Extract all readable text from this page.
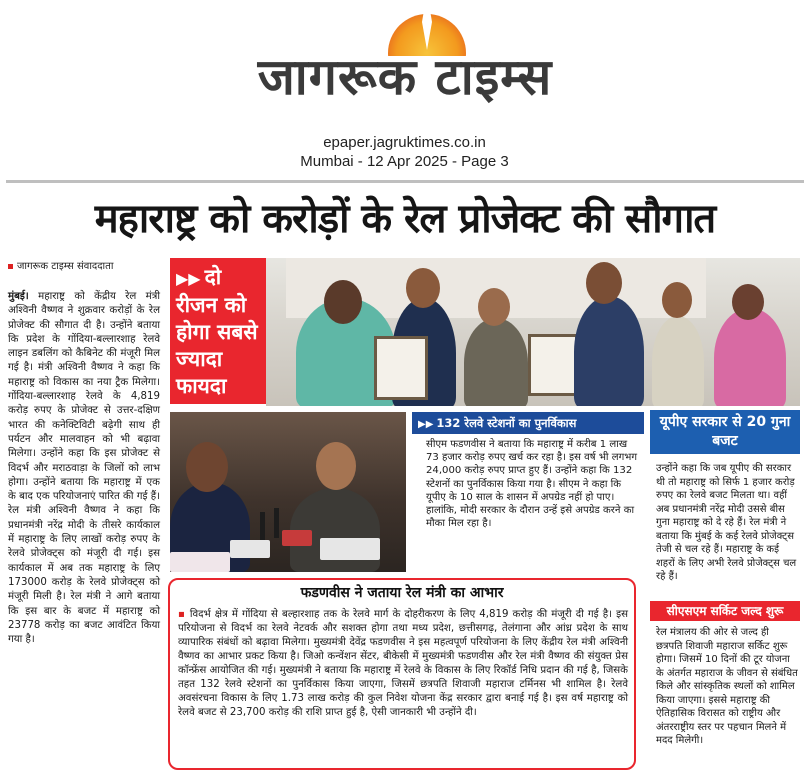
जागरूक टाइम्स
epaper.jagruktimes.co.in
Mumbai - 12 Apr 2025 - Page 3
महाराष्ट्र को करोड़ों के रेल प्रोजेक्ट की सौगात
जागरूक टाइम्स संवाददाता
मुंबई। महाराष्ट्र को केंद्रीय रेल मंत्री अश्विनी वैष्णव ने शुक्रवार करोड़ों के रेल प्रोजेक्ट की सौगात दी है। उन्होंने बताया कि प्रदेश के गोंदिया-बल्लारशाह रेलवे लाइन डबलिंग को कैबिनेट की मंजूरी मिल गई है। मंत्री अश्विनी वैष्णव ने कहा कि महाराष्ट्र को विकास का नया ट्रैक मिलेगा। गोंदिया-बल्लारशाह रेलवे के 4,819 करोड़ रुपए के प्रोजेक्ट से उत्तर-दक्षिण भारत की कनेक्टिविटी बढ़ेगी साथ ही पर्यटन और मालवाहन को भी बढ़ावा मिलेगा। उन्होंने कहा कि इस प्रोजेक्ट से विदर्भ और मराठवाड़ा के जिलों को लाभ होगा। उन्होंने बताया कि महाराष्ट्र में एक के बाद एक परियोजनाएं पारित की गई हैं। रेल मंत्री अश्विनी वैष्णव ने कहा कि प्रधानमंत्री नरेंद्र मोदी के तीसरे कार्यकाल में महाराष्ट्र के लिए लाखों करोड़ रुपए के रेलवे प्रोजेक्ट्स को मंजूरी दी गई। इस कार्यकाल में अब तक महाराष्ट्र के लिए 173000 करोड़ के रेलवे प्रोजेक्ट्स को मंजूरी मिली है। रेल मंत्री ने आगे बताया कि इस बार के बजट में महाराष्ट्र को 23778 करोड़ का बजट आवंटित किया गया है।
▶▶ दो रीजन को होगा सबसे ज्यादा फायदा
▶▶ 132 रेलवे स्टेशनों का पुनर्विकास
सीएम फडणवीस ने बताया कि महाराष्ट्र में करीब 1 लाख 73 हजार करोड़ रुपए खर्च कर रहा है। इस वर्ष भी लगभग 24,000 करोड़ रुपए प्राप्त हुए हैं। उन्होंने कहा कि 132 स्टेशनों का पुनर्विकास किया गया है। सीएम ने कहा कि यूपीए के 10 साल के शासन में अपग्रेड नहीं हो पाए। हालांकि, मोदी सरकार के दौरान उन्हें इसे अपग्रेड करने का मौका मिल रहा है।
यूपीए सरकार से 20 गुना बजट
उन्होंने कहा कि जब यूपीए की सरकार थी तो महाराष्ट्र को सिर्फ 1 हजार करोड़ रुपए का रेलवे बजट मिलता था। वहीं अब प्रधानमंत्री नरेंद्र मोदी उससे बीस गुना महाराष्ट्र को दे रहे हैं। रेल मंत्री ने बताया कि मुंबई के कई रेलवे प्रोजेक्ट्स तेजी से चल रहे हैं। महाराष्ट्र के कई शहरों के लिए अभी रेलवे प्रोजेक्ट्स चल रहे हैं।
सीएसएम सर्किट जल्द शुरू
रेल मंत्रालय की ओर से जल्द ही छत्रपति शिवाजी महाराज सर्किट शुरू होगा। जिसमें 10 दिनों की टूर योजना के अंतर्गत महाराज के जीवन से संबंधित किले और सांस्कृतिक स्थलों को शामिल किया जाएगा। इससे महाराष्ट्र की ऐतिहासिक विरासत को राष्ट्रीय और अंतरराष्ट्रीय स्तर पर पहचान मिलने में मदद मिलेगी।
फडणवीस ने जताया रेल मंत्री का आभार
▪ विदर्भ क्षेत्र में गोंदिया से बल्हारशाह तक के रेलवे मार्ग के दोहरीकरण के लिए 4,819 करोड़ की मंजूरी दी गई है। इस परियोजना से विदर्भ का रेलवे नेटवर्क और सशक्त होगा तथा मध्य प्रदेश, छत्तीसगढ़, तेलंगाना और आंध्र प्रदेश के साथ व्यापारिक संबंधों को बढ़ावा मिलेगा। मुख्यमंत्री देवेंद्र फडणवीस ने इस महत्वपूर्ण परियोजना के लिए केंद्रीय रेल मंत्री अश्विनी वैष्णव का आभार प्रकट किया है। जिओ कन्वेंशन सेंटर, बीकेसी में मुख्यमंत्री फडणवीस और रेल मंत्री वैष्णव की संयुक्त प्रेस कॉन्फ्रेंस आयोजित की गई। मुख्यमंत्री ने बताया कि महाराष्ट्र में रेलवे के विकास के लिए रिकॉर्ड निधि प्रदान की गई है, जिसके तहत 132 रेलवे स्टेशनों का पुनर्विकास किया जाएगा, जिसमें छत्रपति शिवाजी महाराज टर्मिनस भी शामिल है। रेलवे अवसंरचना विकास के लिए 1.73 लाख करोड़ की कुल निवेश योजना केंद्र सरकार द्वारा बनाई गई है। इस वर्ष महाराष्ट्र को रेलवे बजट से 23,700 करोड़ की राशि प्राप्त हुई है, ऐसी जानकारी भी उन्होंने दी।
